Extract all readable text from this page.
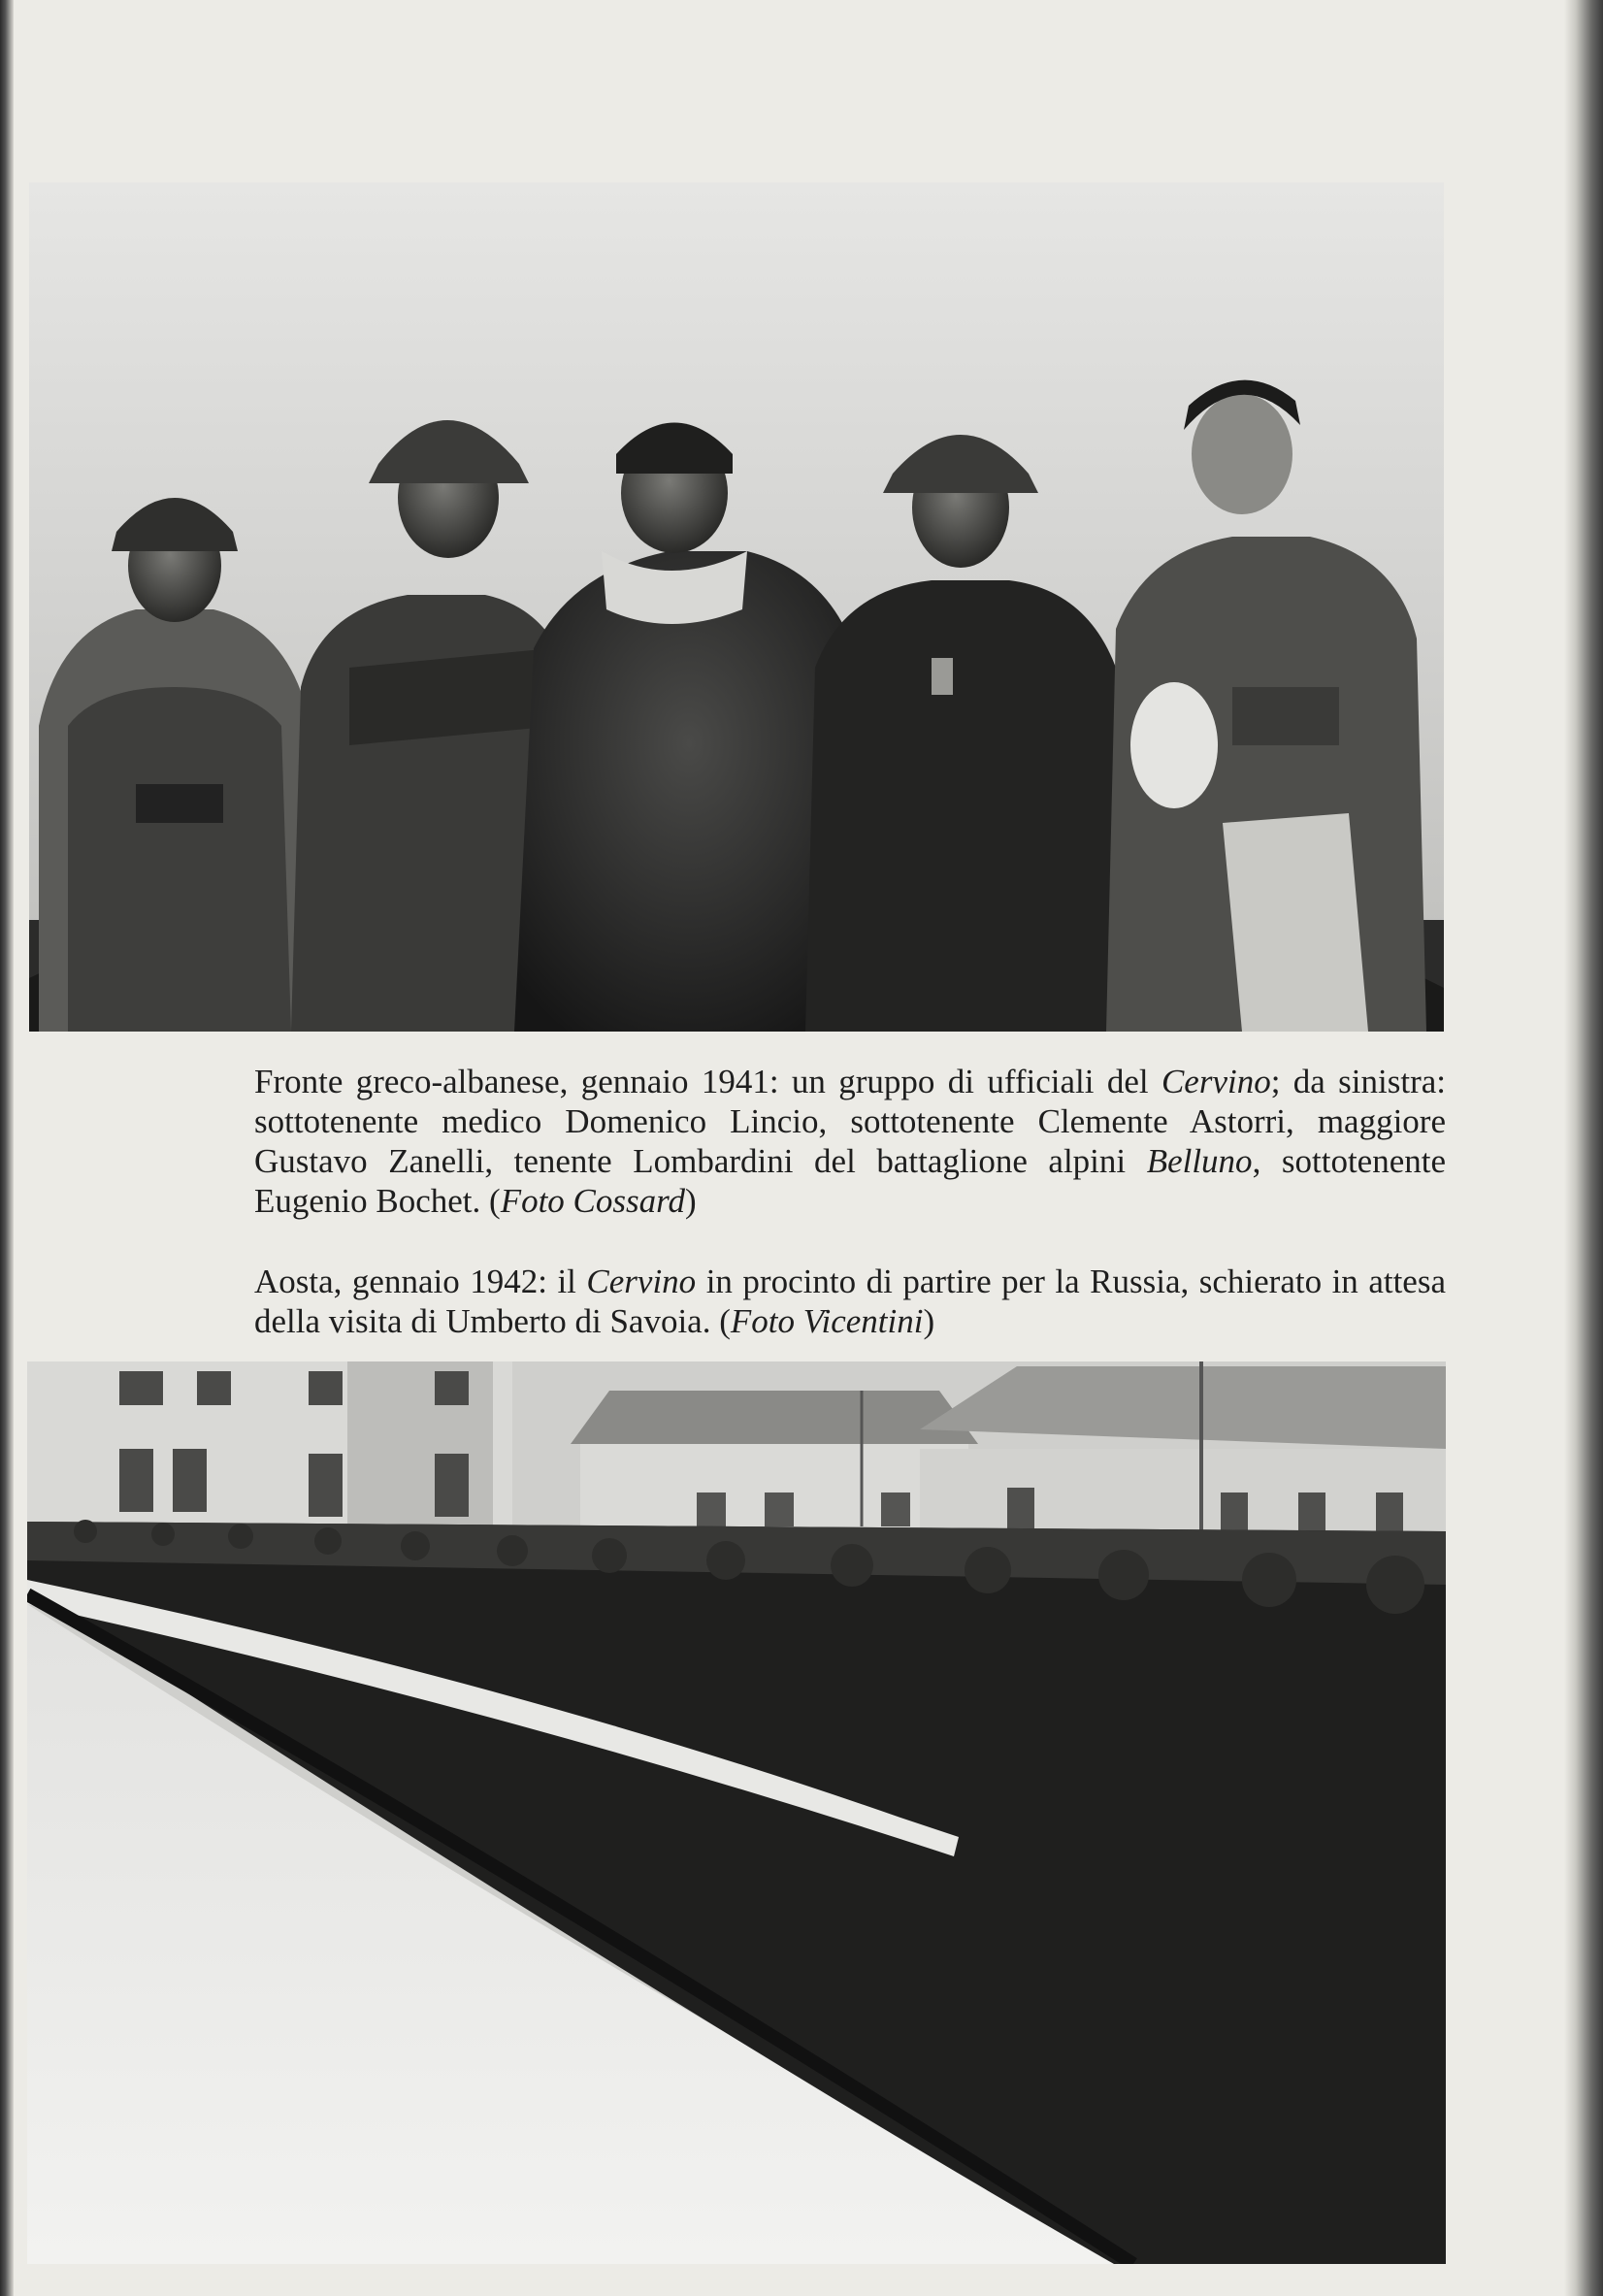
Fronte greco-albanese, gennaio 1941: un gruppo di ufficiali del Cervino; da sinistra: sottotenente medico Domenico Lincio, sottotenente Clemente Astorri, maggiore Gustavo Zanelli, tenente Lombardini del battaglione alpini Belluno, sottotenente Eugenio Bochet. (Foto Cossard)

Aosta, gennaio 1942: il Cervino in procinto di partire per la Russia, schierato in attesa della visita di Umberto di Savoia. (Foto Vicentini)
